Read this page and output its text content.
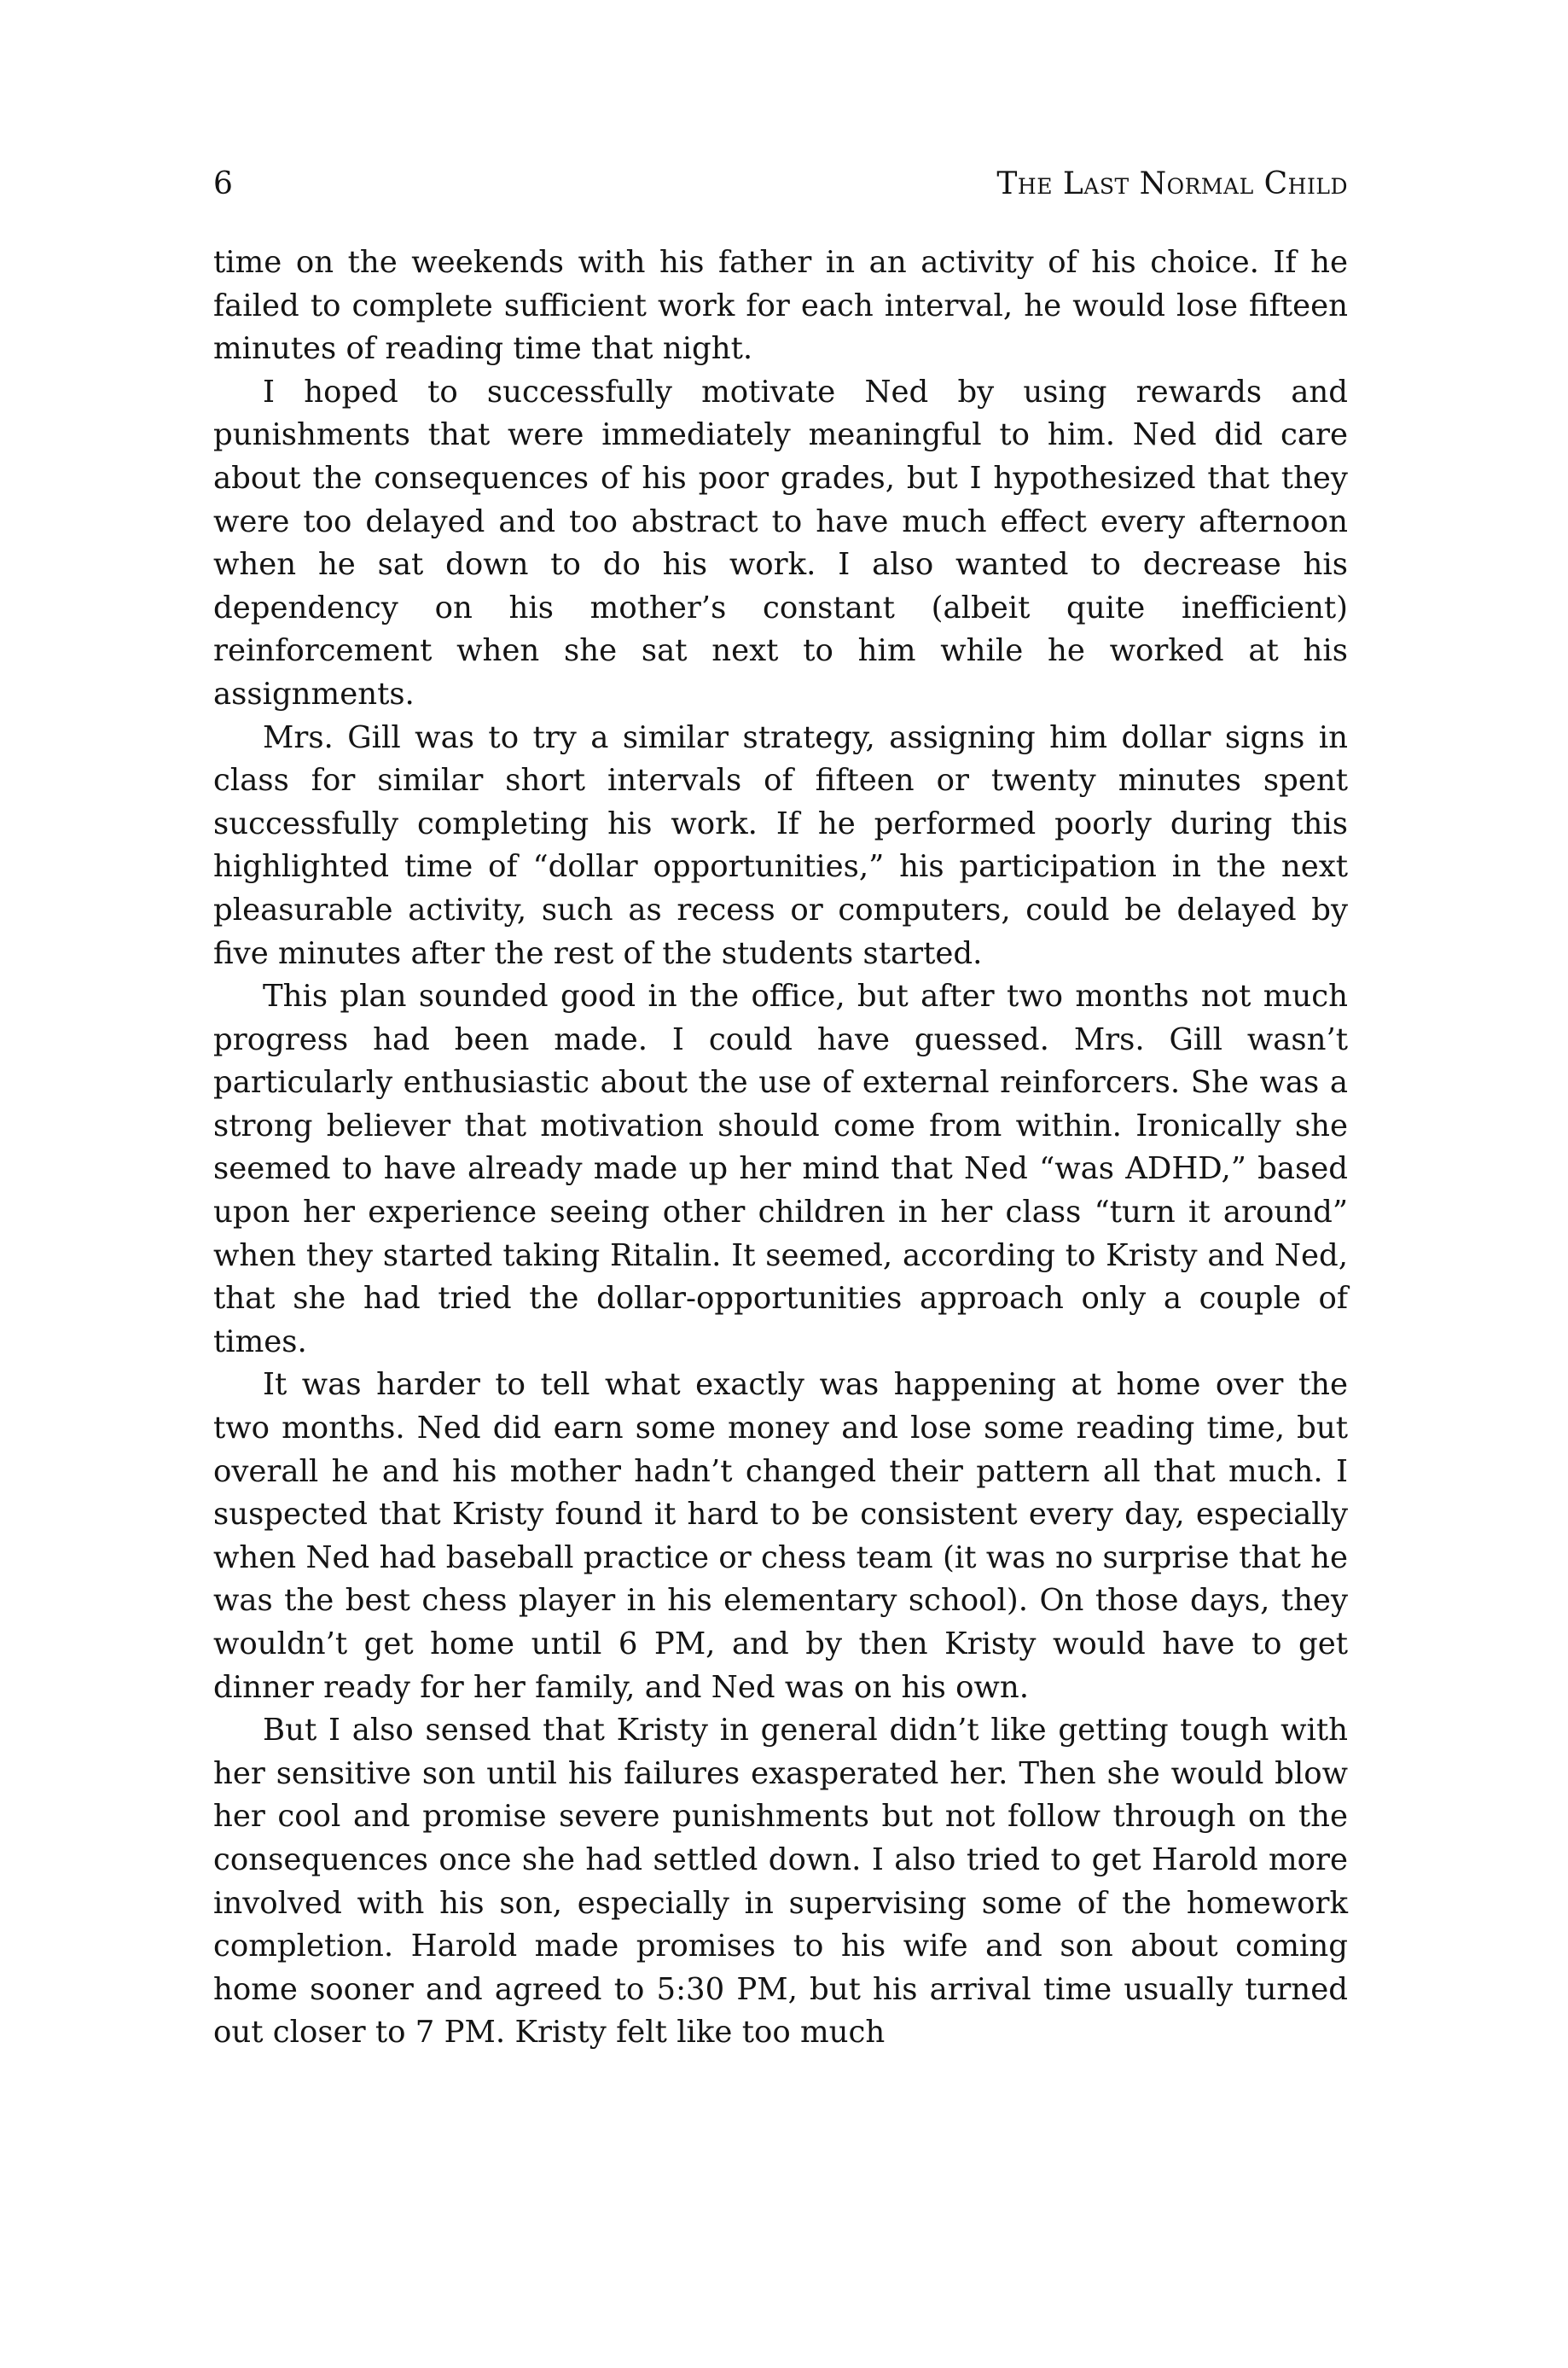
6	The Last Normal Child

time on the weekends with his father in an activity of his choice. If he failed to complete sufficient work for each interval, he would lose fifteen minutes of reading time that night.

I hoped to successfully motivate Ned by using rewards and punishments that were immediately meaningful to him. Ned did care about the consequences of his poor grades, but I hypothesized that they were too delayed and too abstract to have much effect every afternoon when he sat down to do his work. I also wanted to decrease his dependency on his mother’s constant (albeit quite inefficient) reinforcement when she sat next to him while he worked at his assignments.

Mrs. Gill was to try a similar strategy, assigning him dollar signs in class for similar short intervals of fifteen or twenty minutes spent successfully completing his work. If he performed poorly during this highlighted time of “dollar opportunities,” his participation in the next pleasurable activity, such as recess or computers, could be delayed by five minutes after the rest of the students started.

This plan sounded good in the office, but after two months not much progress had been made. I could have guessed. Mrs. Gill wasn’t particularly enthusiastic about the use of external reinforcers. She was a strong believer that motivation should come from within. Ironically she seemed to have already made up her mind that Ned “was ADHD,” based upon her experience seeing other children in her class “turn it around” when they started taking Ritalin. It seemed, according to Kristy and Ned, that she had tried the dollar-opportunities approach only a couple of times.

It was harder to tell what exactly was happening at home over the two months. Ned did earn some money and lose some reading time, but overall he and his mother hadn’t changed their pattern all that much. I suspected that Kristy found it hard to be consistent every day, especially when Ned had baseball practice or chess team (it was no surprise that he was the best chess player in his elementary school). On those days, they wouldn’t get home until 6 PM, and by then Kristy would have to get dinner ready for her family, and Ned was on his own.

But I also sensed that Kristy in general didn’t like getting tough with her sensitive son until his failures exasperated her. Then she would blow her cool and promise severe punishments but not follow through on the consequences once she had settled down. I also tried to get Harold more involved with his son, especially in supervising some of the homework completion. Harold made promises to his wife and son about coming home sooner and agreed to 5:30 PM, but his arrival time usually turned out closer to 7 PM. Kristy felt like too much
